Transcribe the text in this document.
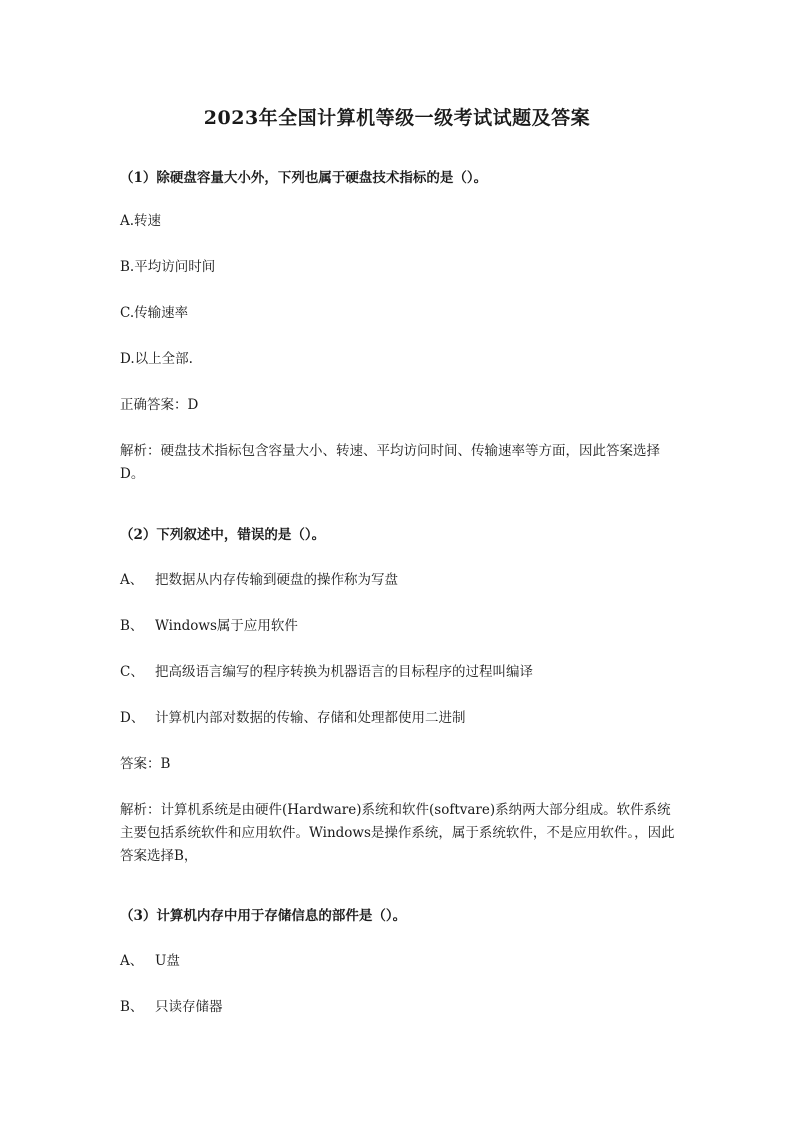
2023年全国计算机等级一级考试试题及答案
（1）除硬盘容量大小外，下列也属于硬盘技术指标的是（）。
A.转速
B.平均访问时间
C.传输速率
D.以上全部.
正确答案：D
解析：硬盘技术指标包含容量大小、转速、平均访问时间、传输速率等方面，因此答案选择D。
（2）下列叙述中，错误的是（）。
A、 把数据从内存传输到硬盘的操作称为写盘
B、 Windows属于应用软件
C、 把高级语言编写的程序转换为机器语言的目标程序的过程叫编译
D、 计算机内部对数据的传输、存储和处理都使用二进制
答案：B
解析：计算机系统是由硬件(Hardware)系统和软件(softvare)系纳两大部分组成。软件系统主要包括系统软件和应用软件。Windows是操作系统，属于系统软件，不是应用软件。，因此答案选择B，
（3）计算机内存中用于存储信息的部件是（）。
A、 U盘
B、 只读存储器
